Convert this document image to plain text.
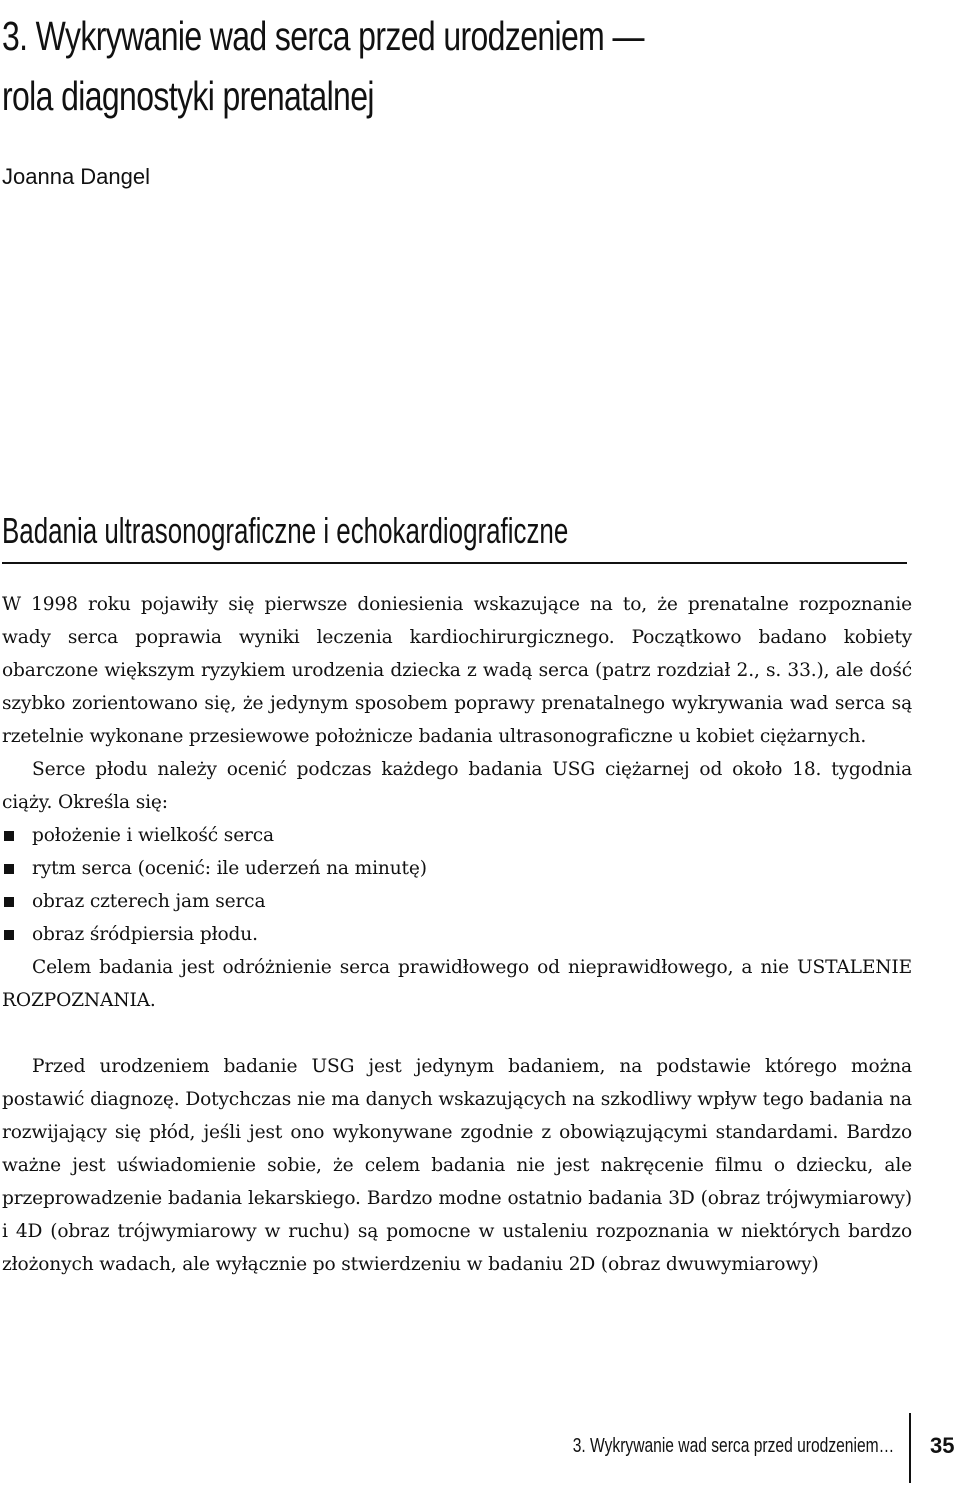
3. Wykrywanie wad serca przed urodzeniem —
rola diagnostyki prenatalnej

Joanna Dangel

Badania ultrasonograficzne i echokardiograficzne

W 1998 roku pojawiły się pierwsze doniesienia wskazujące na to, że prenatalne rozpoznanie wady serca poprawia wyniki leczenia kardiochirurgicznego. Początkowo badano kobiety obarczone większym ryzykiem urodzenia dziecka z wadą serca (patrz rozdział 2., s. 33.), ale dość szybko zorientowano się, że jedynym sposobem poprawy prenatalnego wykrywania wad serca są rzetelnie wykonane przesiewowe położnicze badania ultrasonograficzne u kobiet ciężarnych.

Serce płodu należy ocenić podczas każdego badania USG ciężarnej od około 18. tygodnia ciąży. Określa się:

położenie i wielkość serca
rytm serca (ocenić: ile uderzeń na minutę)
obraz czterech jam serca
obraz śródpiersia płodu.

Celem badania jest odróżnienie serca prawidłowego od nieprawidłowego, a nie USTALENIE ROZPOZNANIA.

Przed urodzeniem badanie USG jest jedynym badaniem, na podstawie którego można postawić diagnozę. Dotychczas nie ma danych wskazujących na szkodliwy wpływ tego badania na rozwijający się płód, jeśli jest ono wykonywane zgodnie z obowiązującymi standardami. Bardzo ważne jest uświadomienie sobie, że celem badania nie jest nakręcenie filmu o dziecku, ale przeprowadzenie badania lekarskiego. Bardzo modne ostatnio badania 3D (obraz trójwymiarowy) i 4D (obraz trójwymiarowy w ruchu) są pomocne w ustaleniu rozpoznania w niektórych bardzo złożonych wadach, ale wyłącznie po stwierdzeniu w badaniu 2D (obraz dwuwymiarowy)

3. Wykrywanie wad serca przed urodzeniem… 35
